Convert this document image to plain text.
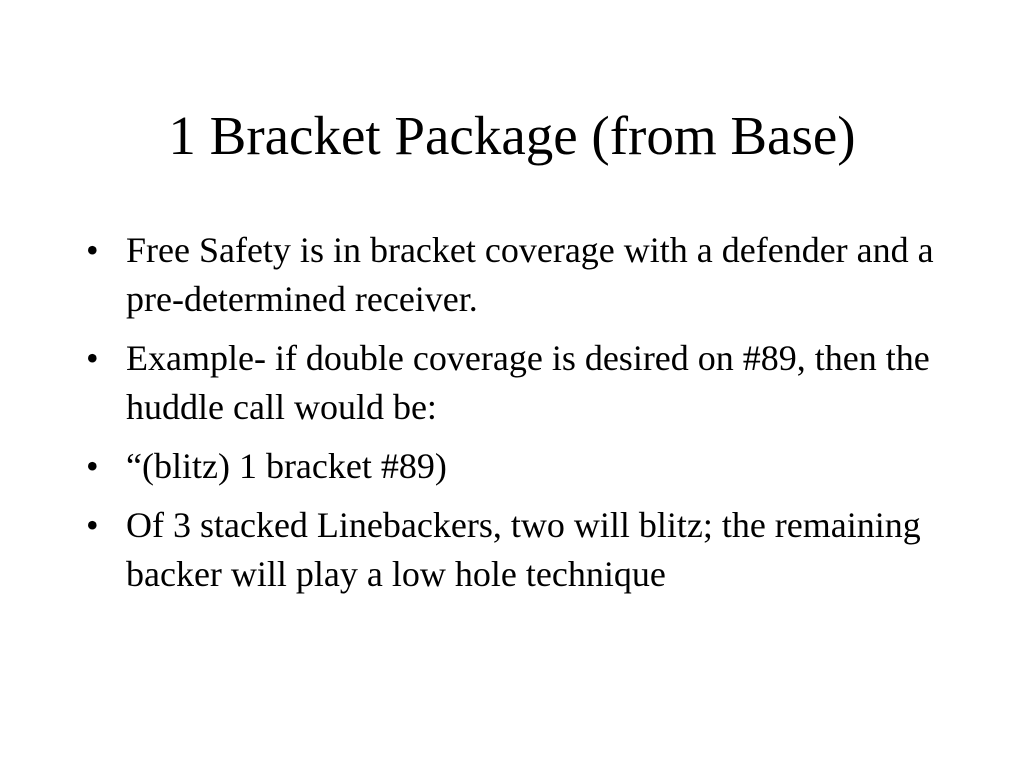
1 Bracket Package (from Base)
• Free Safety is in bracket coverage with a defender and a pre-determined receiver.
• Example- if double coverage is desired on #89, then the huddle call would be:
• “(blitz) 1 bracket #89)
• Of 3 stacked Linebackers, two will blitz; the remaining backer will play a low hole technique
